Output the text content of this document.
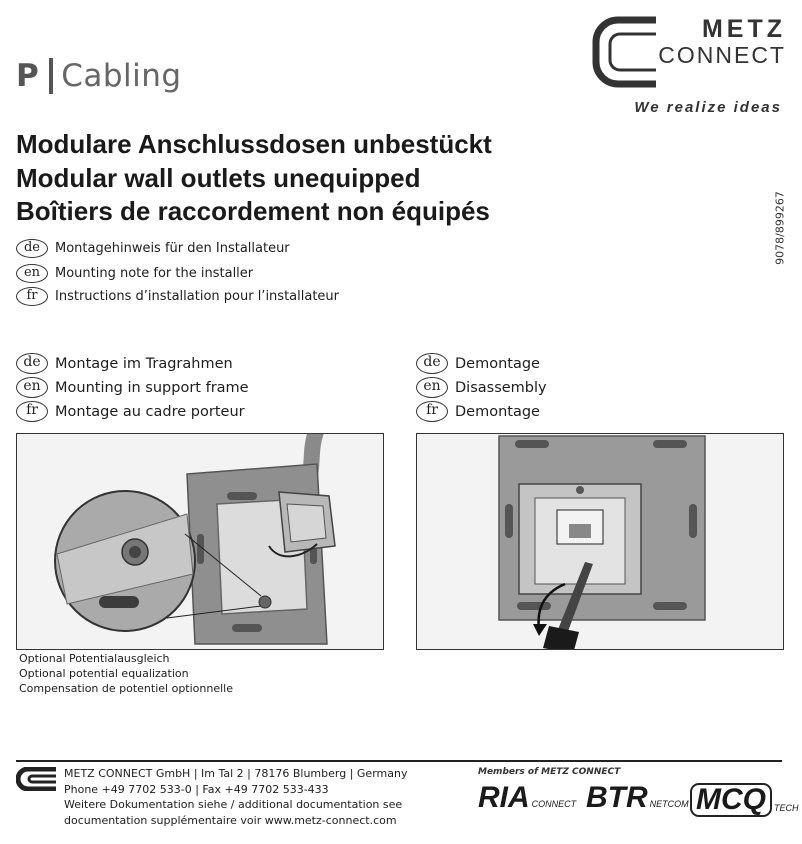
P Cabling
METZ
CONNECT
We realize ideas
9078/899267
Modulare Anschlussdosen unbestückt
Modular wall outlets unequipped
Boîtiers de raccordement non équipés
de	Montagehinweis für den Installateur
en	Mounting note for the installer
fr	Instructions d’installation pour l’installateur
de Montage im Tragrahmen
en Mounting in support frame
fr	Montage au cadre porteur
de Demontage
en Disassembly
fr	Demontage
Optional Potentialausgleich
Optional potential equalization
Compensation de potentiel optionnelle
METZ CONNECT GmbH | Im Tal 2 | 78176 Blumberg | Germany
Phone +49 7702 533-0 | Fax +49 7702 533-433
Weitere Dokumentation siehe / additional documentation see
documentation supplémentaire voir www.metz-connect.com
Members of METZ CONNECT
RIA CONNECT BTR NETCOM MCQ TECH
